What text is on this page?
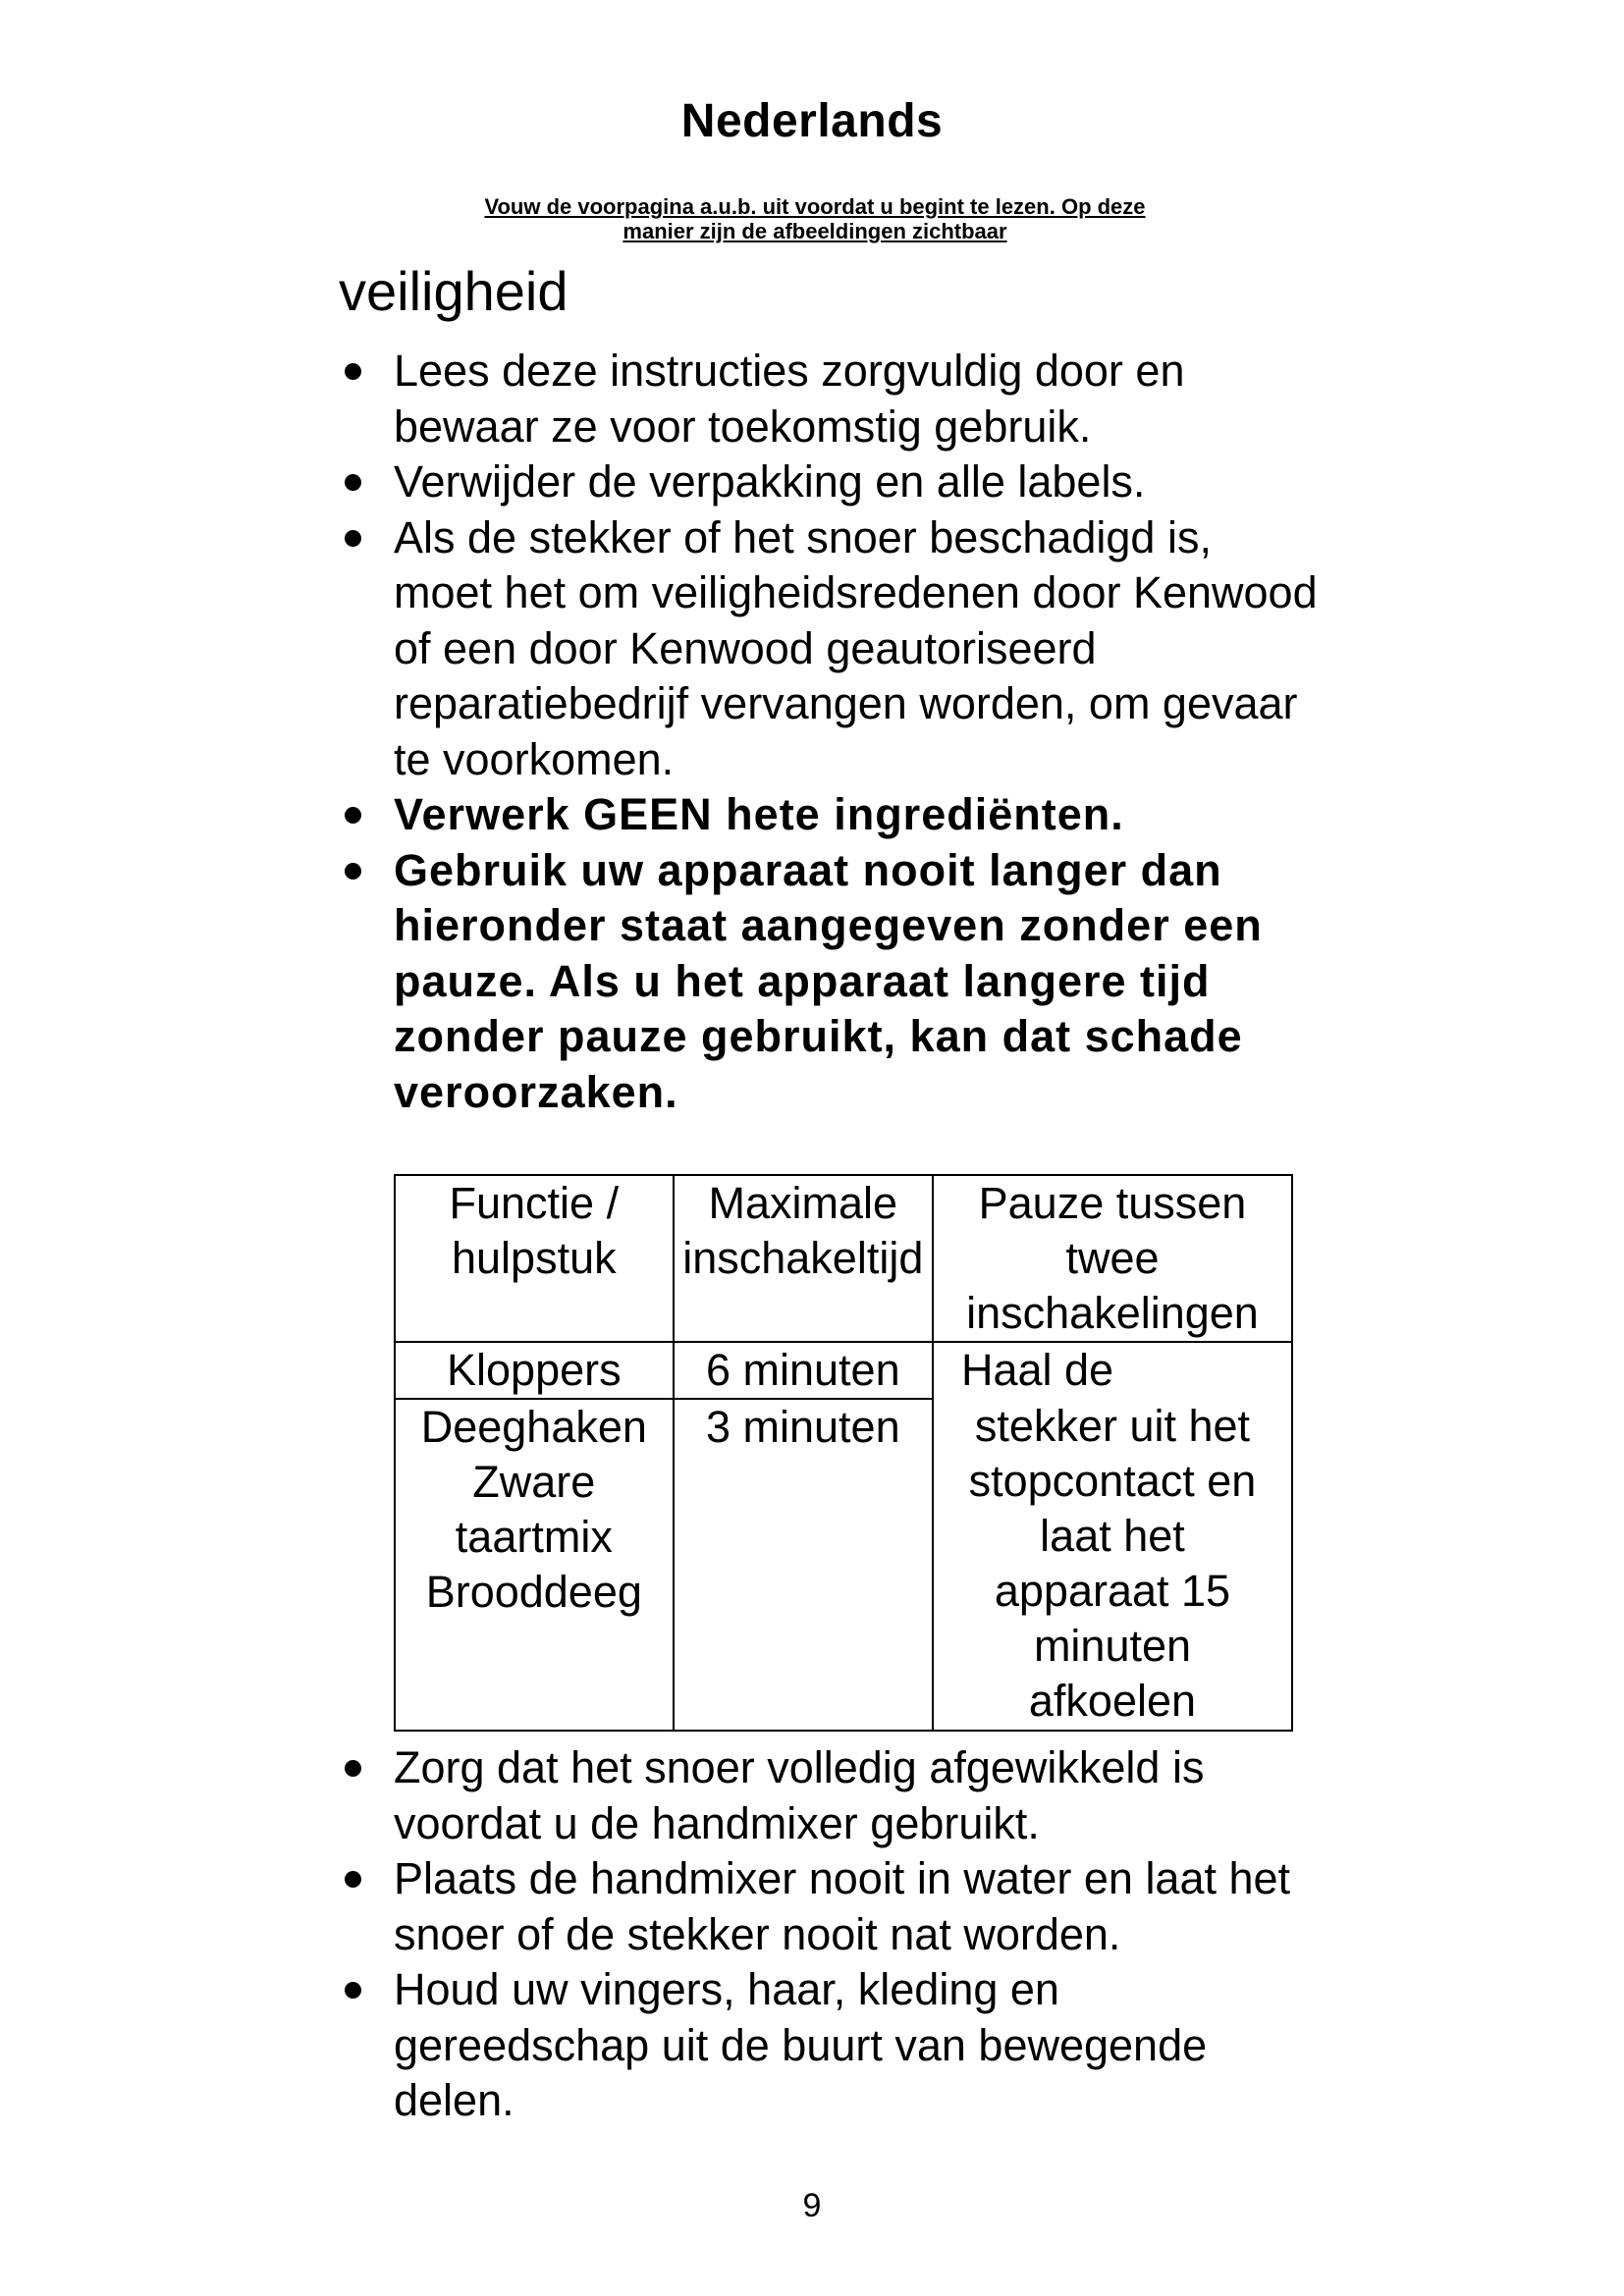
Nederlands
Vouw de voorpagina a.u.b. uit voordat u begint te lezen. Op deze
manier zijn de afbeeldingen zichtbaar
veiligheid
Lees deze instructies zorgvuldig door en bewaar ze voor toekomstig gebruik.
Verwijder de verpakking en alle labels.
Als de stekker of het snoer beschadigd is, moet het om veiligheidsredenen door Kenwood of een door Kenwood geautoriseerd reparatiebedrijf vervangen worden, om gevaar te voorkomen.
Verwerk GEEN hete ingrediënten.
Gebruik uw apparaat nooit langer dan hieronder staat aangegeven zonder een pauze. Als u het apparaat langere tijd zonder pauze gebruikt, kan dat schade veroorzaken.
Functie / hulpstuk	Maximale inschakeltijd	Pauze tussen twee inschakelingen
Kloppers	6 minuten	Haal de
Deeghaken Zware taartmix Brooddeeg	3 minuten	stekker uit het stopcontact en laat het apparaat 15 minuten afkoelen
Zorg dat het snoer volledig afgewikkeld is voordat u de handmixer gebruikt.
Plaats de handmixer nooit in water en laat het snoer of de stekker nooit nat worden.
Houd uw vingers, haar, kleding en gereedschap uit de buurt van bewegende delen.
9
